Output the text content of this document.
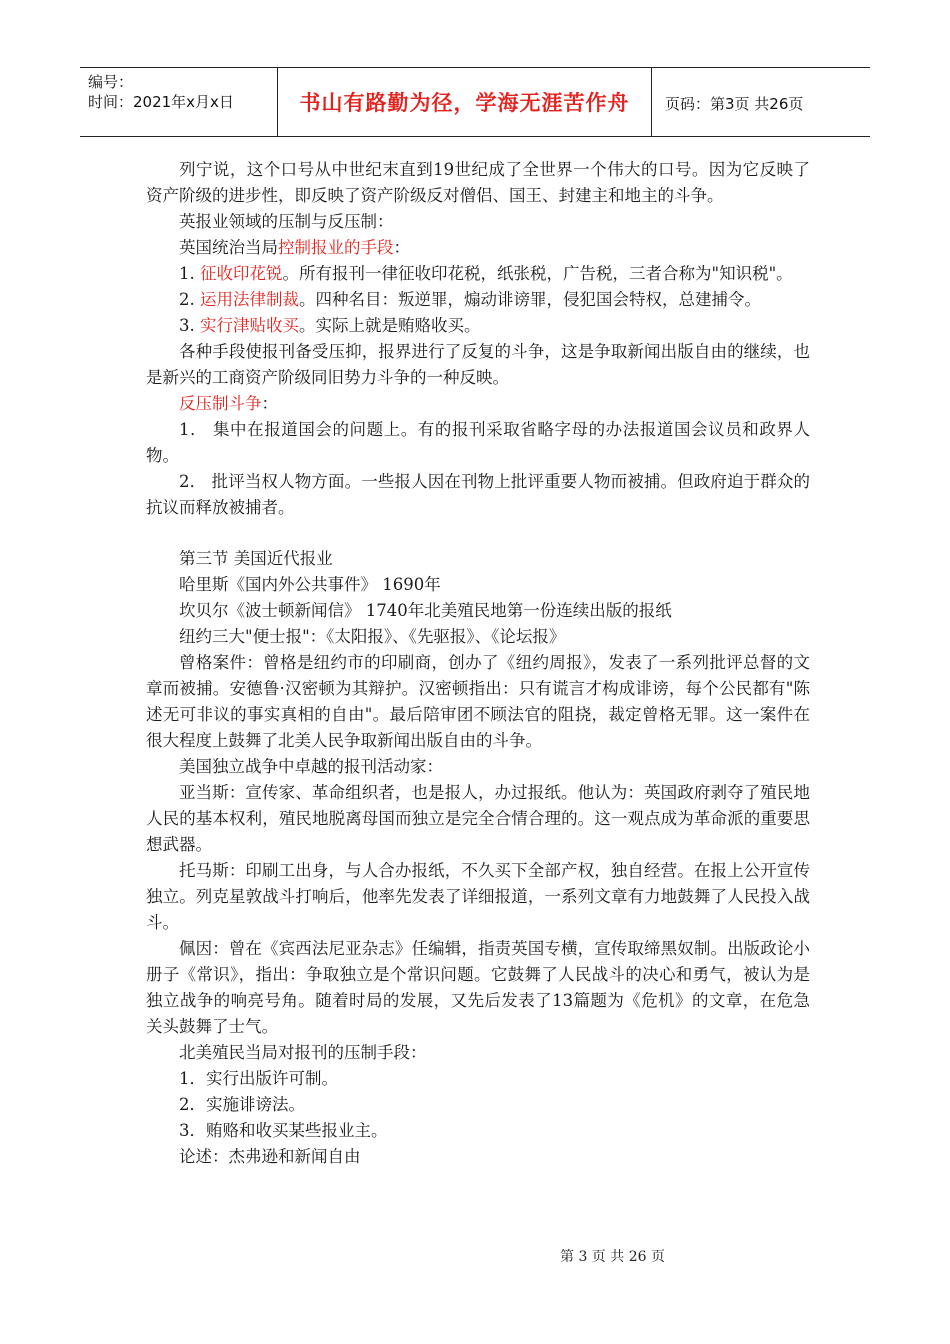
编号：
时间：2021年x月x日	书山有路勤为径，学海无涯苦作舟	页码：第3页 共26页

列宁说，这个口号从中世纪末直到19世纪成了全世界一个伟大的口号。因为它反映了资产阶级的进步性，即反映了资产阶级反对僧侣、国王、封建主和地主的斗争。

英报业领域的压制与反压制：

英国统治当局控制报业的手段：

1. 征收印花锐。所有报刊一律征收印花税，纸张税，广告税，三者合称为"知识税"。

2. 运用法律制裁。四种名目：叛逆罪，煽动诽谤罪，侵犯国会特权，总建捕令。

3. 实行津贴收买。实际上就是贿赂收买。

各种手段使报刊备受压抑，报界进行了反复的斗争，这是争取新闻出版自由的继续，也是新兴的工商资产阶级同旧势力斗争的一种反映。

反压制斗争：

1． 集中在报道国会的问题上。有的报刊采取省略字母的办法报道国会议员和政界人物。

2． 批评当权人物方面。一些报人因在刊物上批评重要人物而被捕。但政府迫于群众的抗议而释放被捕者。

第三节 美国近代报业

哈里斯《国内外公共事件》 1690年

坎贝尔《波士顿新闻信》 1740年北美殖民地第一份连续出版的报纸

纽约三大"便士报"：《太阳报》、《先驱报》、《论坛报》

曾格案件：曾格是纽约市的印刷商，创办了《纽约周报》，发表了一系列批评总督的文章而被捕。安德鲁·汉密顿为其辩护。汉密顿指出：只有谎言才构成诽谤，每个公民都有"陈述无可非议的事实真相的自由"。最后陪审团不顾法官的阻挠，裁定曾格无罪。这一案件在很大程度上鼓舞了北美人民争取新闻出版自由的斗争。

美国独立战争中卓越的报刊活动家：

亚当斯：宣传家、革命组织者，也是报人，办过报纸。他认为：英国政府剥夺了殖民地人民的基本权利，殖民地脱离母国而独立是完全合情合理的。这一观点成为革命派的重要思想武器。

托马斯：印刷工出身，与人合办报纸，不久买下全部产权，独自经营。在报上公开宣传独立。列克星敦战斗打响后，他率先发表了详细报道，一系列文章有力地鼓舞了人民投入战斗。

佩因：曾在《宾西法尼亚杂志》任编辑，指责英国专横，宣传取缔黑奴制。出版政论小册子《常识》，指出：争取独立是个常识问题。它鼓舞了人民战斗的决心和勇气，被认为是独立战争的响亮号角。随着时局的发展，又先后发表了13篇题为《危机》的文章，在危急关头鼓舞了士气。

北美殖民当局对报刊的压制手段：

1．实行出版许可制。

2．实施诽谤法。

3．贿赂和收买某些报业主。

论述：杰弗逊和新闻自由

第 3 页 共 26 页
